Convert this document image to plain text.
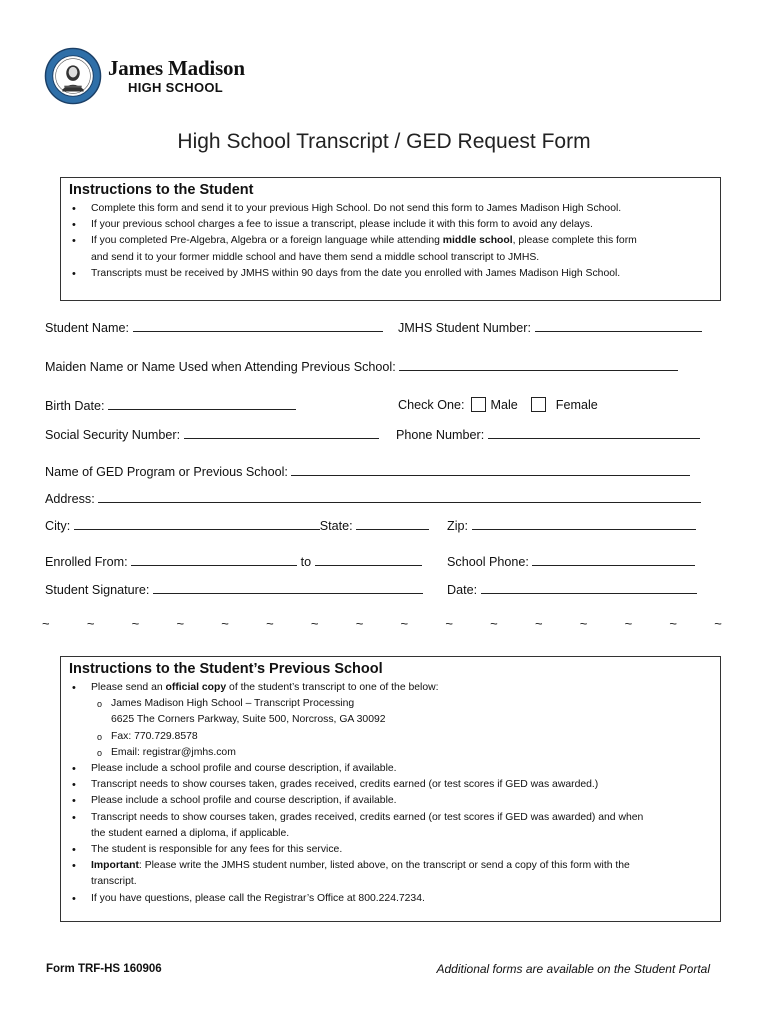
James Madison
HIGH SCHOOL
High School Transcript / GED Request Form
Instructions to the Student
• Complete this form and send it to your previous High School. Do not send this form to James Madison High School.
• If your previous school charges a fee to issue a transcript, please include it with this form to avoid any delays.
• If you completed Pre-Algebra, Algebra or a foreign language while attending middle school, please complete this form
and send it to your former middle school and have them send a middle school transcript to JMHS.
• Transcripts must be received by JMHS within 90 days from the date you enrolled with James Madison High School.
Student Name:	JMHS Student Number:
Maiden Name or Name Used when Attending Previous School:
Birth Date:	Check One: Male	Female
Social Security Number:	Phone Number:
Name of GED Program or Previous School:
Address:
City:	State:	Zip:
Enrolled From:	to	School Phone:
Student Signature:	Date:
~	~	~	~	~	~	~	~	~	~	~	~	~	~	~	~
Instructions to the Student’s Previous School
• Please send an official copy of the student’s transcript to one of the below:
o James Madison High School – Transcript Processing
6625 The Corners Parkway, Suite 500, Norcross, GA 30092
o Fax: 770.729.8578
o Email: registrar@jmhs.com
• Please include a school profile and course description, if available.
• Transcript needs to show courses taken, grades received, credits earned (or test scores if GED was awarded.)
• Please include a school profile and course description, if available.
• Transcript needs to show courses taken, grades received, credits earned (or test scores if GED was awarded) and when
the student earned a diploma, if applicable.
• The student is responsible for any fees for this service.
• Important: Please write the JMHS student number, listed above, on the transcript or send a copy of this form with the
transcript.
• If you have questions, please call the Registrar’s Office at 800.224.7234.
Form TRF-HS 160906	Additional forms are available on the Student Portal
